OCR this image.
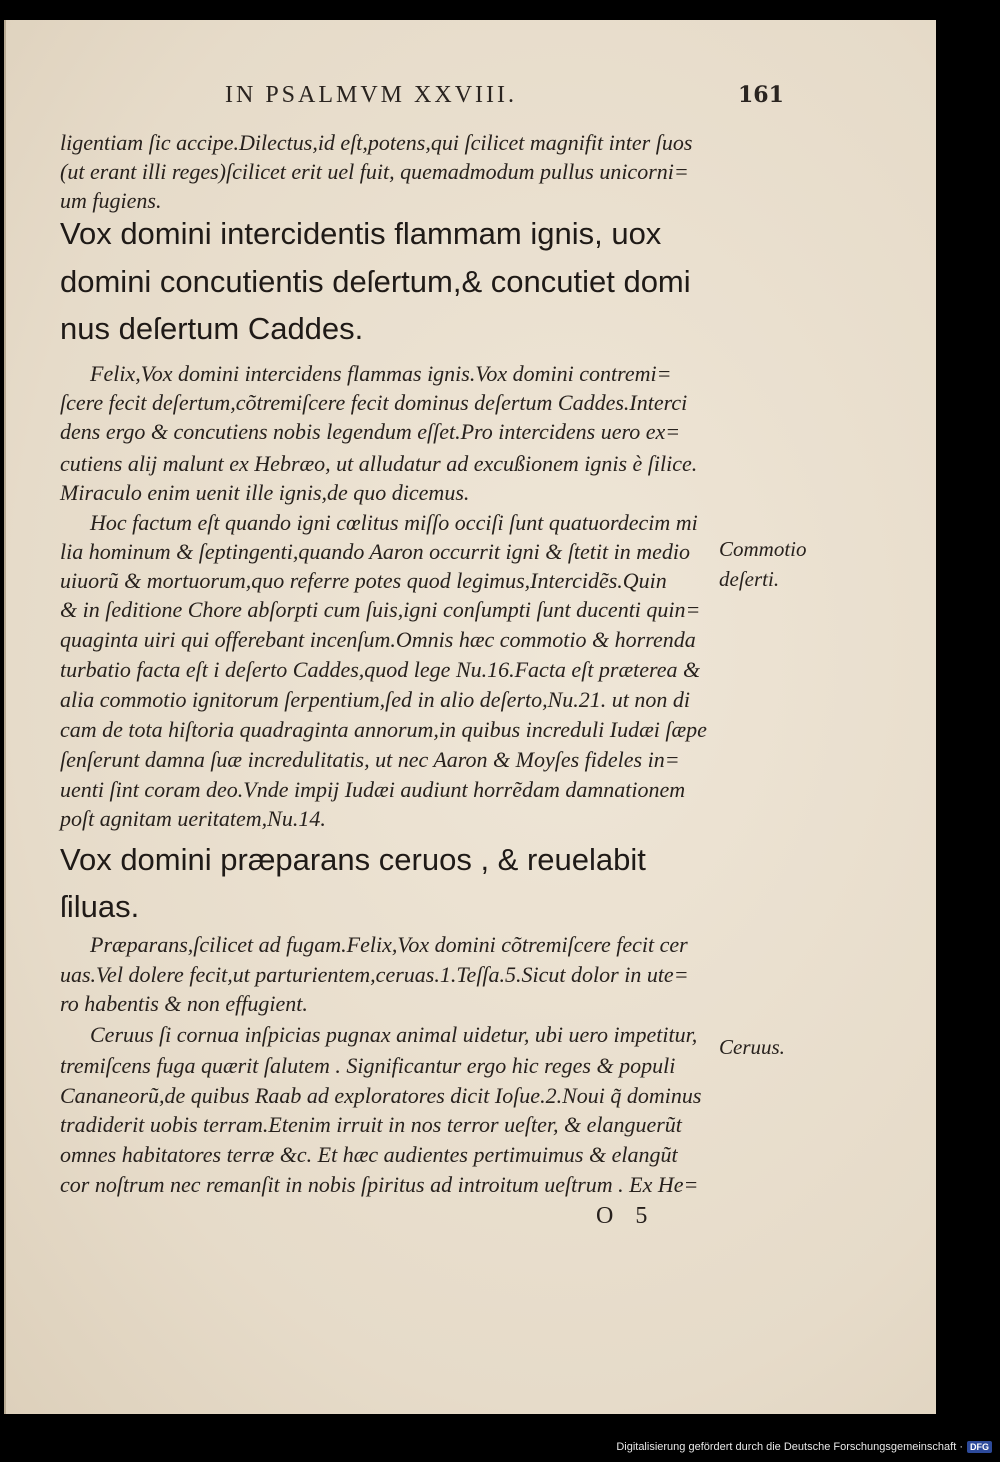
IN PSALMVM XXVIII.	161
ligentiam ſic accipe.Dilectus,id eſt,potens,qui ſcilicet magnifit inter ſuos
(ut erant illi reges)ſcilicet erit uel fuit, quemadmodum pullus unicorni=
um fugiens.
Vox domini intercidentis flammam ignis, uox
domini concutientis deſertum,& concutiet domi
nus deſertum Caddes.
Felix,Vox domini intercidens flammas ignis.Vox domini contremi=
ſcere fecit deſertum,cõtremiſcere fecit dominus deſertum Caddes.Interci
dens ergo & concutiens nobis legendum eſſet.Pro intercidens uero ex=
cutiens alij malunt ex Hebræo, ut alludatur ad excußionem ignis è ſilice.
Miraculo enim uenit ille ignis,de quo dicemus.
Hoc factum eſt quando igni cœlitus miſſo occiſi ſunt quatuordecim mi
lia hominum & ſeptingenti,quando Aaron occurrit igni & ſtetit in medio
uiuorũ & mortuorum,quo referre potes quod legimus,Intercidẽs.Quin
& in ſeditione Chore abſorpti cum ſuis,igni conſumpti ſunt ducenti quin=
quaginta uiri qui offerebant incenſum.Omnis hæc commotio & horrenda
turbatio facta eſt i deſerto Caddes,quod lege Nu.16.Facta eſt præterea &
alia commotio ignitorum ſerpentium,ſed in alio deſerto,Nu.21. ut non di
cam de tota hiſtoria quadraginta annorum,in quibus increduli Iudæi ſæpe
ſenſerunt damna ſuæ incredulitatis, ut nec Aaron & Moyſes fideles in=
uenti ſint coram deo.Vnde impij Iudæi audiunt horrẽdam damnationem
poſt agnitam ueritatem,Nu.14.
Commotio
deſerti.
Vox domini præparans ceruos , & reuelabit
ſiluas.
Præparans,ſcilicet ad fugam.Felix,Vox domini cõtremiſcere fecit cer
uas.Vel dolere fecit,ut parturientem,ceruas.1.Teſſa.5.Sicut dolor in ute=
ro habentis & non effugient.
Ceruus ſi cornua inſpicias pugnax animal uidetur, ubi uero impetitur,
tremiſcens fuga quærit ſalutem . Significantur ergo hic reges & populi
Cananeorũ,de quibus Raab ad exploratores dicit Ioſue.2.Noui q̃ dominus
tradiderit uobis terram.Etenim irruit in nos terror ueſter, & elanguerũt
omnes habitatores terræ &c. Et hæc audientes pertimuimus & elangũt
cor noſtrum nec remanſit in nobis ſpiritus ad introitum ueſtrum . Ex He=
Ceruus.
O 5
Digitalisierung gefördert durch die Deutsche Forschungsgemeinschaft · DFG
